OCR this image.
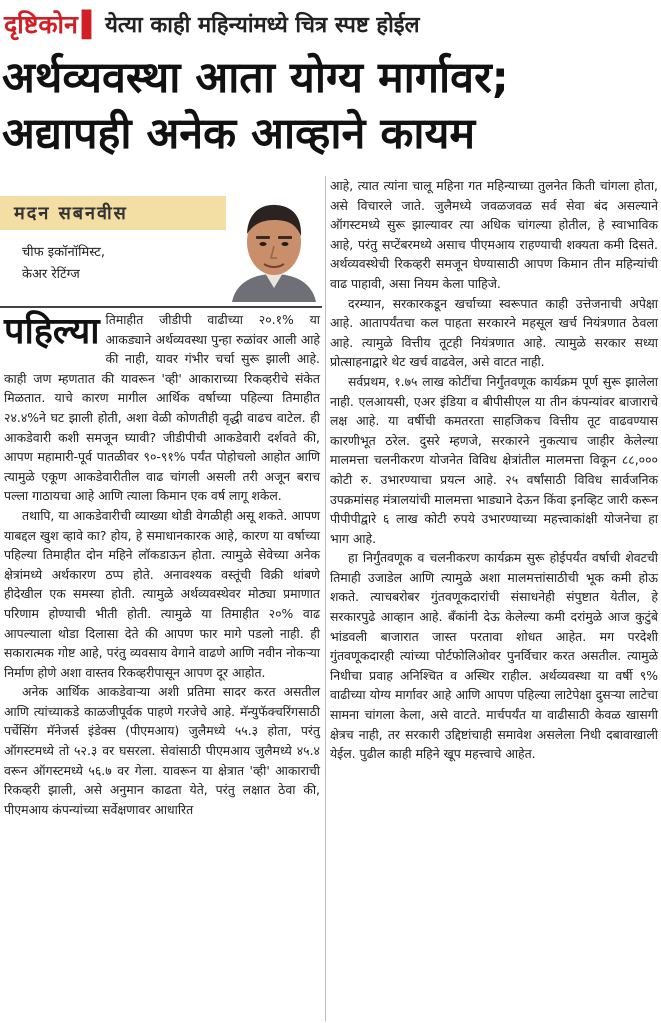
दृष्टिकोन ▌ येत्या काही महिन्यांमध्ये चित्र स्पष्ट होईल
अर्थव्यवस्था आता योग्य मार्गावर;
अद्यापही अनेक आव्हाने कायम
मदन सबनवीस
चीफ इकॉनॉमिस्ट,
केअर रेटिंग्ज

पहिल्या तिमाहीत जीडीपी वाढीच्या २०.१% या आकड्याने अर्थव्यवस्था पुन्हा रुळांवर आली आहे की नाही, यावर गंभीर चर्चा सुरू झाली आहे. काही जण म्हणतात की यावरून 'व्ही' आकाराच्या रिकव्हरीचे संकेत मिळतात. याचे कारण मागील आर्थिक वर्षाच्या पहिल्या तिमाहीत २४.४%ने घट झाली होती, अशा वेळी कोणतीही वृद्धी वाढच वाटेल. ही आकडेवारी कशी समजून घ्यावी? जीडीपीची आकडेवारी दर्शवते की, आपण महामारी-पूर्व पातळीवर ९०-९१% पर्यंत पोहोचलो आहोत आणि त्यामुळे एकूण आकडेवारीतील वाढ चांगली असली तरी अजून बराच पल्ला गाठायचा आहे आणि त्याला किमान एक वर्ष लागू शकेल.

तथापि, या आकडेवारीची व्याख्या थोडी वेगळीही असू शकते. आपण याबद्दल खुश व्हावे का? होय, हे समाधानकारक आहे, कारण या वर्षाच्या पहिल्या तिमाहीत दोन महिने लॉकडाऊन होता. त्यामुळे सेवेच्या अनेक क्षेत्रांमध्ये अर्थकारण ठप्प होते. अनावश्यक वस्तूंची विक्री थांबणे हीदेखील एक समस्या होती. त्यामुळे अर्थव्यवस्थेवर मोठ्या प्रमाणात परिणाम होण्याची भीती होती. त्यामुळे या तिमाहीत २०% वाढ आपल्याला थोडा दिलासा देते की आपण फार मागे पडलो नाही. ही सकारात्मक गोष्ट आहे, परंतु व्यवसाय वेगाने वाढणे आणि नवीन नोकऱ्या निर्माण होणे अशा वास्तव रिकव्हरीपासून आपण दूर आहोत.

अनेक आर्थिक आकडेवाऱ्या अशी प्रतिमा सादर करत असतील आणि त्यांच्याकडे काळजीपूर्वक पाहणे गरजेचे आहे. मॅन्युफॅक्चरिंगसाठी पर्चेसिंग मॅनेजर्स इंडेक्स (पीएमआय) जुलैमध्ये ५५.३ होता, परंतु ऑगस्टमध्ये तो ५२.३ वर घसरला. सेवांसाठी पीएमआय जुलैमध्ये ४५.४ वरून ऑगस्टमध्ये ५६.७ वर गेला. यावरून या क्षेत्रात 'व्ही' आकाराची रिकव्हरी झाली, असे अनुमान काढता येते, परंतु लक्षात ठेवा की, पीएमआय कंपन्यांच्या सर्वेक्षणावर आधारित

आहे, त्यात त्यांना चालू महिना गत महिन्याच्या तुलनेत किती चांगला होता, असे विचारले जाते. जुलैमध्ये जवळजवळ सर्व सेवा बंद असल्याने ऑगस्टमध्ये सुरू झाल्यावर त्या अधिक चांगल्या होतील, हे स्वाभाविक आहे, परंतु सप्टेंबरमध्ये असाच पीएमआय राहण्याची शक्यता कमी दिसते. अर्थव्यवस्थेची रिकव्हरी समजून घेण्यासाठी आपण किमान तीन महिन्यांची वाढ पाहावी, असा नियम केला पाहिजे.

दरम्यान, सरकारकडून खर्चाच्या स्वरूपात काही उत्तेजनाची अपेक्षा आहे. आतापर्यंतचा कल पाहता सरकारने महसूल खर्च नियंत्रणात ठेवला आहे. त्यामुळे वित्तीय तूटही नियंत्रणात आहे. त्यामुळे सरकार सध्या प्रोत्साहनाद्वारे थेट खर्च वाढवेल, असे वाटत नाही.

सर्वप्रथम, १.७५ लाख कोटींचा निर्गुंतवणूक कार्यक्रम पूर्ण सुरू झालेला नाही. एलआयसी, एअर इंडिया व बीपीसीएल या तीन कंपन्यांवर बाजाराचे लक्ष आहे. या वर्षीची कमतरता साहजिकच वित्तीय तूट वाढवण्यास कारणीभूत ठरेल. दुसरे म्हणजे, सरकारने नुकत्याच जाहीर केलेल्या मालमत्ता चलनीकरण योजनेत विविध क्षेत्रांतील मालमत्ता विकून ८८,००० कोटी रु. उभारण्याचा प्रयत्न आहे. २५ वर्षांसाठी विविध सार्वजनिक उपक्रमांसह मंत्रालयांची मालमत्ता भाड्याने देऊन किंवा इनव्हिट जारी करून पीपीपीद्वारे ६ लाख कोटी रुपये उभारण्याच्या महत्त्वाकांक्षी योजनेचा हा भाग आहे.

हा निर्गुंतवणूक व चलनीकरण कार्यक्रम सुरू होईपर्यंत वर्षाची शेवटची तिमाही उजाडेल आणि त्यामुळे अशा मालमत्तांसाठीची भूक कमी होऊ शकते. त्याचबरोबर गुंतवणूकदारांची संसाधनेही संपुष्टात येतील, हे सरकारपुढे आव्हान आहे. बँकांनी देऊ केलेल्या कमी दरांमुळे आज कुटुंबे भांडवली बाजारात जास्त परतावा शोधत आहेत. मग परदेशी गुंतवणूकदारही त्यांच्या पोर्टफोलिओवर पुनर्विचार करत असतील. त्यामुळे निधीचा प्रवाह अनिश्चित व अस्थिर राहील. अर्थव्यवस्था या वर्षी ९% वाढीच्या योग्य मार्गावर आहे आणि आपण पहिल्या लाटेपेक्षा दुसऱ्या लाटेचा सामना चांगला केला, असे वाटते. मार्चपर्यंत या वाढीसाठी केवळ खासगी क्षेत्रच नाही, तर सरकारी उद्दिष्टांचाही समावेश असलेला निधी दबावाखाली येईल. पुढील काही महिने खूप महत्त्वाचे आहेत.
